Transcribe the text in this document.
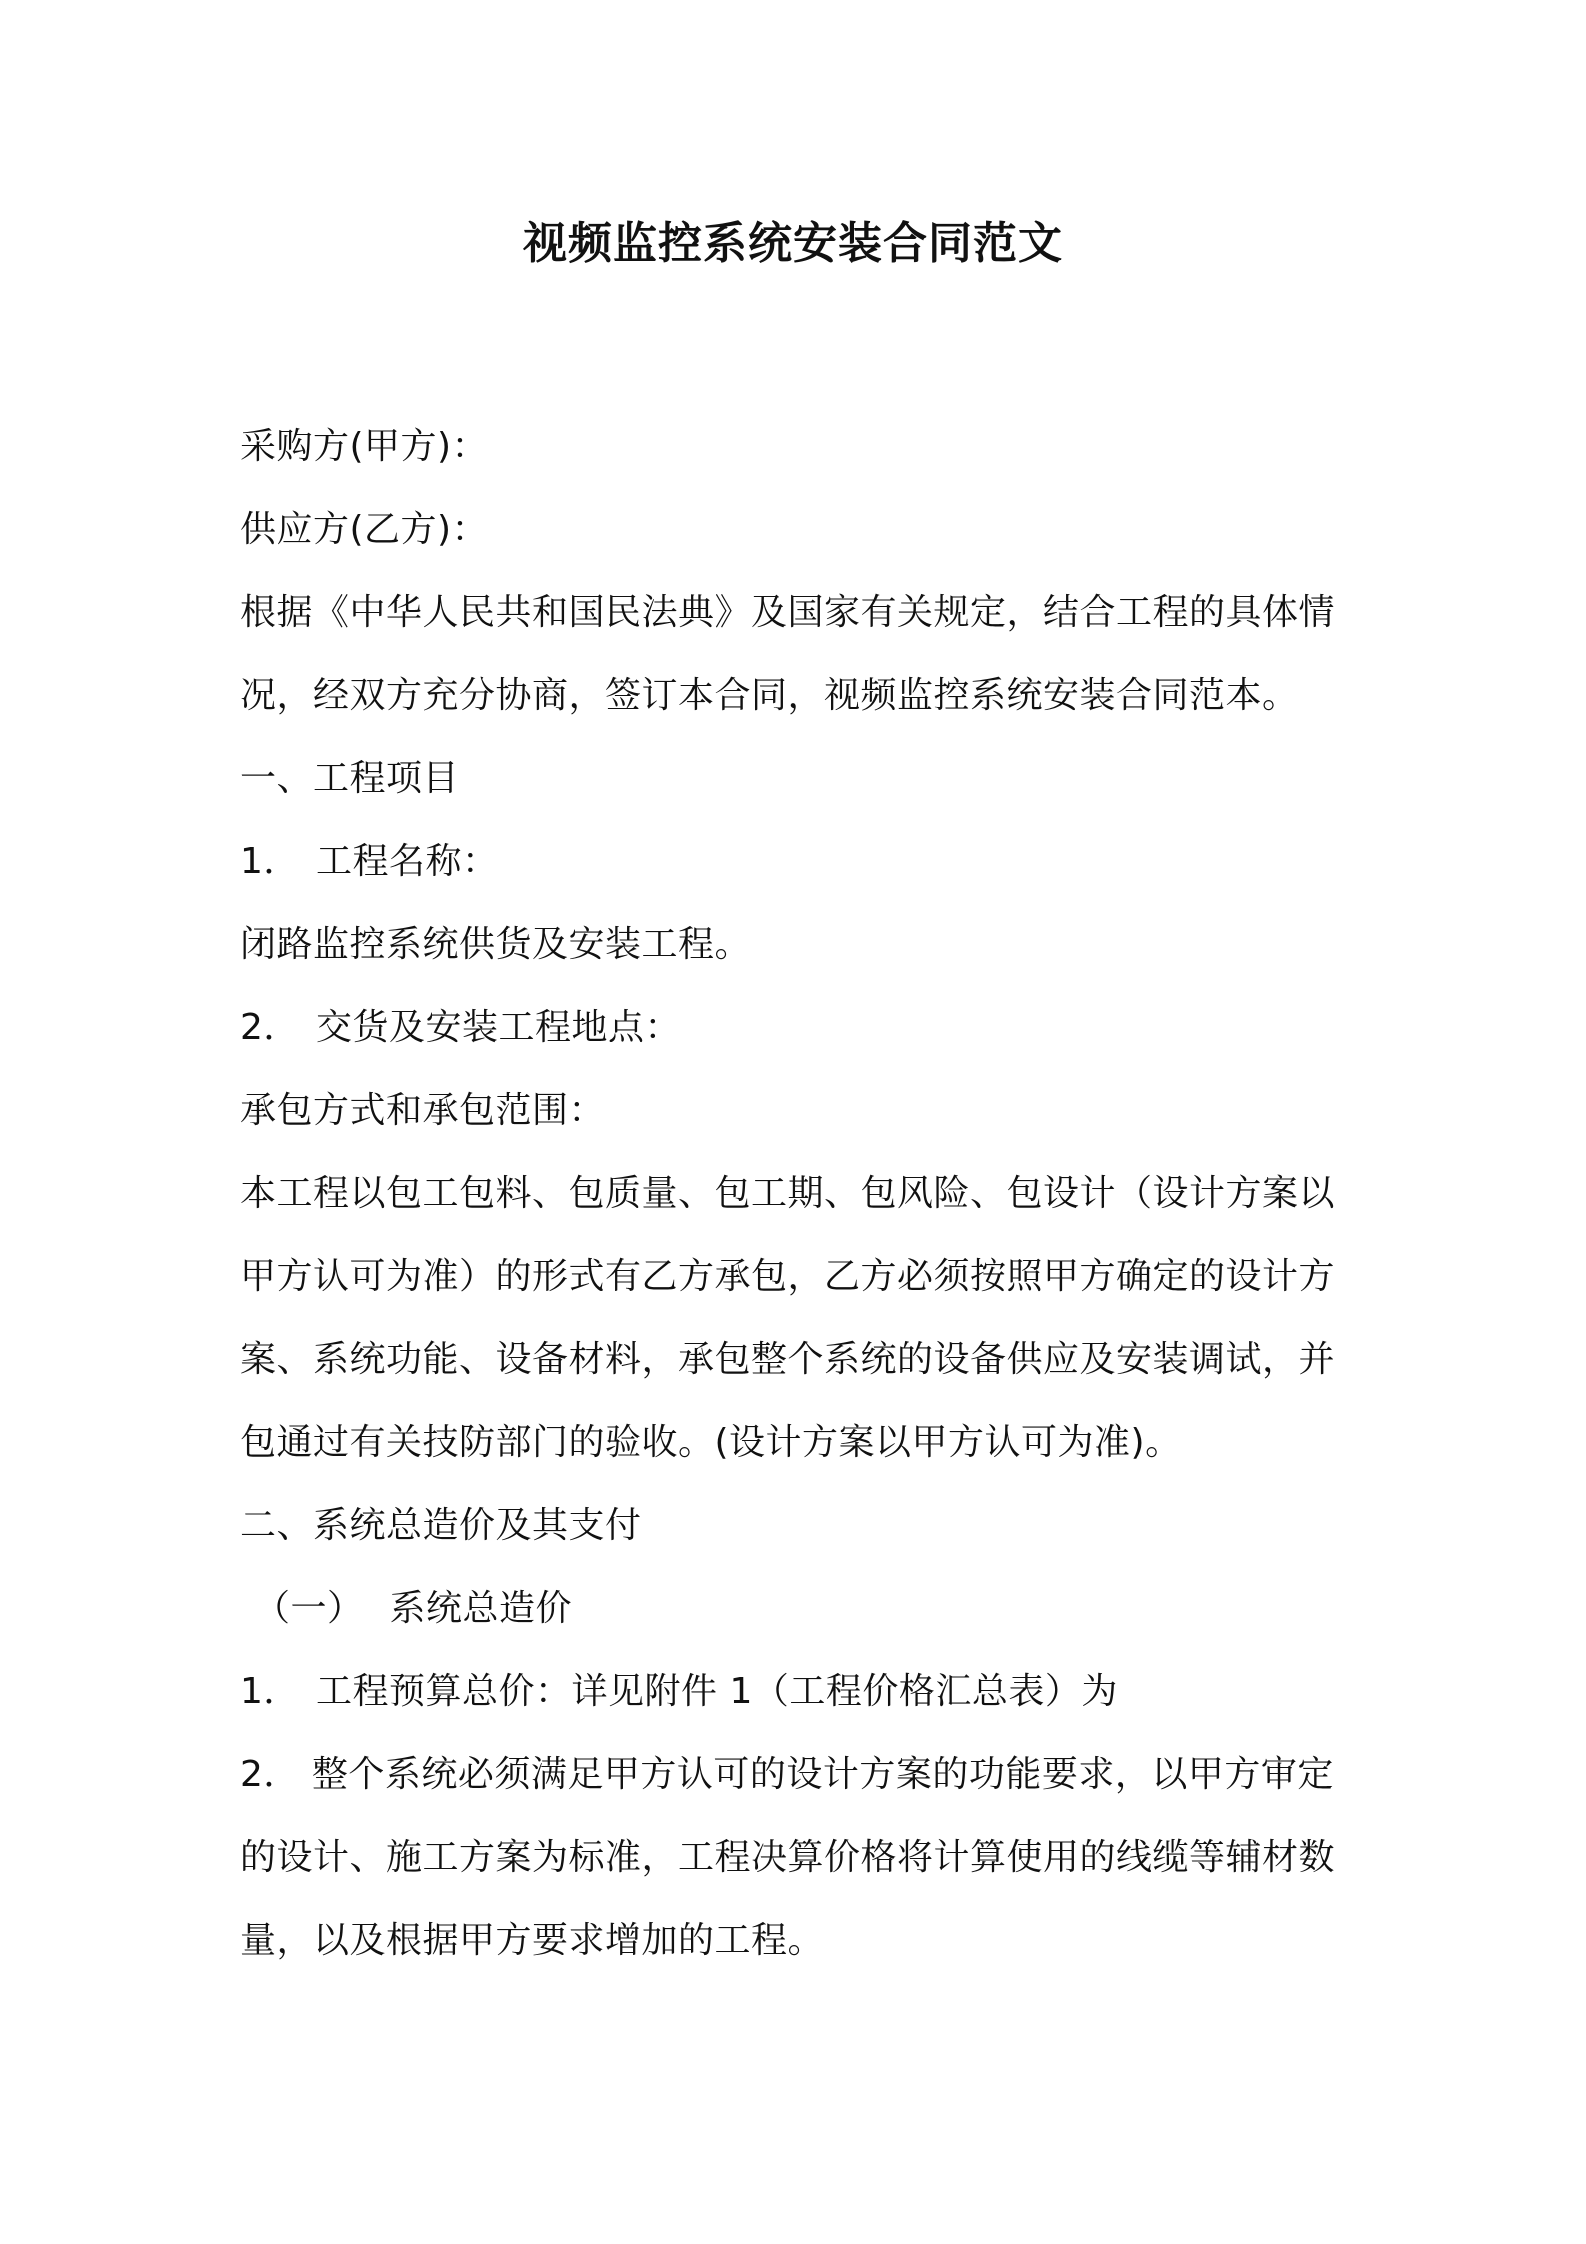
视频监控系统安装合同范文
采购方(甲方)：
供应方(乙方)：
根据《中华人民共和国民法典》及国家有关规定，结合工程的具体情
况，经双方充分协商，签订本合同，视频监控系统安装合同范本。
一、工程项目
1． 工程名称：
闭路监控系统供货及安装工程。
2． 交货及安装工程地点：
承包方式和承包范围：
本工程以包工包料、包质量、包工期、包风险、包设计（设计方案以
甲方认可为准）的形式有乙方承包，乙方必须按照甲方确定的设计方
案、系统功能、设备材料，承包整个系统的设备供应及安装调试，并
包通过有关技防部门的验收。(设计方案以甲方认可为准)。
二、系统总造价及其支付
（一） 系统总造价
1． 工程预算总价：详见附件 1（工程价格汇总表）为
2． 整个系统必须满足甲方认可的设计方案的功能要求，以甲方审定
的设计、施工方案为标准，工程决算价格将计算使用的线缆等辅材数
量，以及根据甲方要求增加的工程。
